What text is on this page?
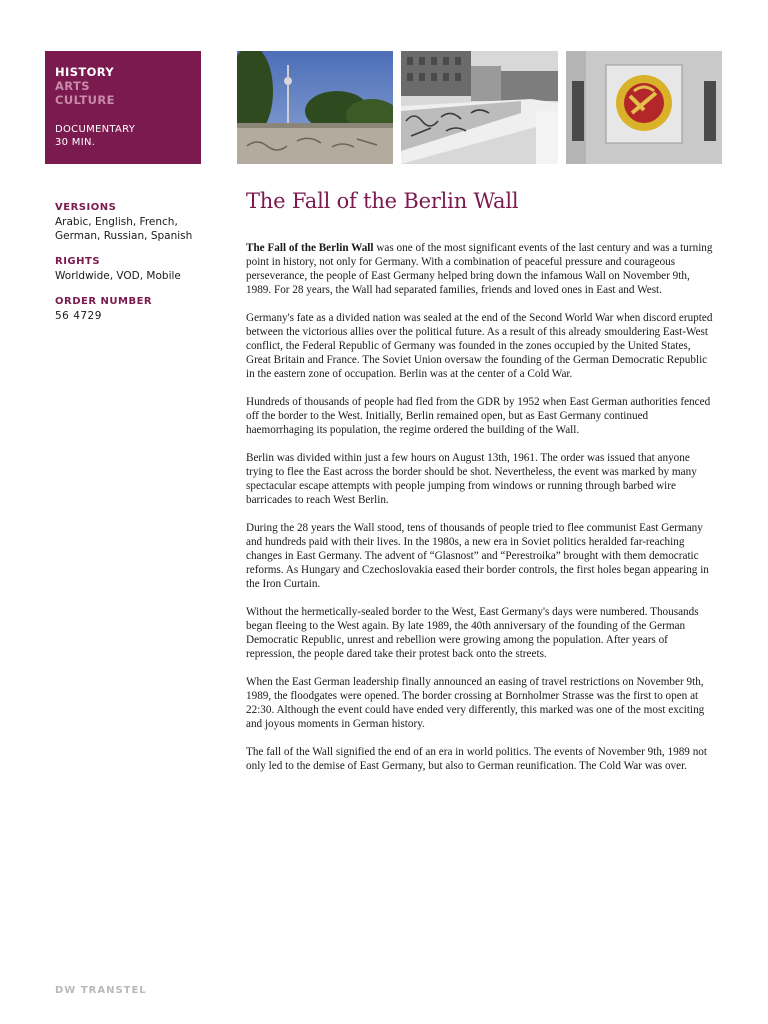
HISTORY
ARTS
CULTURE
DOCUMENTARY
30 MIN.
VERSIONS
Arabic, English, French,
German, Russian, Spanish
RIGHTS
Worldwide, VOD, Mobile
ORDER NUMBER
56 4729
The Fall of the Berlin Wall

The Fall of the Berlin Wall was one of the most significant events of the last century and was a turning point in history, not only for Germany. With a combination of peaceful pressure and courageous perseverance, the people of East Germany helped bring down the infamous Wall on November 9th, 1989. For 28 years, the Wall had separated families, friends and loved ones in East and West.

Germany's fate as a divided nation was sealed at the end of the Second World War when discord erupted between the victorious allies over the political future. As a result of this already smouldering East-West conflict, the Federal Republic of Germany was founded in the zones occupied by the United States, Great Britain and France. The Soviet Union oversaw the founding of the German Democratic Republic in the eastern zone of occupation. Berlin was at the center of a Cold War.

Hundreds of thousands of people had fled from the GDR by 1952 when East German authorities fenced off the border to the West. Initially, Berlin remained open, but as East Germany continued haemorrhaging its population, the regime ordered the building of the Wall.

Berlin was divided within just a few hours on August 13th, 1961. The order was issued that anyone trying to flee the East across the border should be shot. Nevertheless, the event was marked by many spectacular escape attempts with people jumping from windows or running through barbed wire barricades to reach West Berlin.

During the 28 years the Wall stood, tens of thousands of people tried to flee communist East Germany and hundreds paid with their lives. In the 1980s, a new era in Soviet politics heralded far-reaching changes in East Germany. The advent of “Glasnost” and “Perestroika” brought with them democratic reforms. As Hungary and Czechoslovakia eased their border controls, the first holes began appearing in the Iron Curtain.

Without the hermetically-sealed border to the West, East Germany's days were numbered. Thousands began fleeing to the West again. By late 1989, the 40th anniversary of the founding of the German Democratic Republic, unrest and rebellion were growing among the population. After years of repression, the people dared take their protest back onto the streets.

When the East German leadership finally announced an easing of travel restrictions on November 9th, 1989, the floodgates were opened. The border crossing at Bornholmer Strasse was the first to open at 22:30. Although the event could have ended very differently, this marked was one of the most exciting and joyous moments in German history.

The fall of the Wall signified the end of an era in world politics. The events of November 9th, 1989 not only led to the demise of East Germany, but also to German reunification. The Cold War was over.

DW TRANSTEL
